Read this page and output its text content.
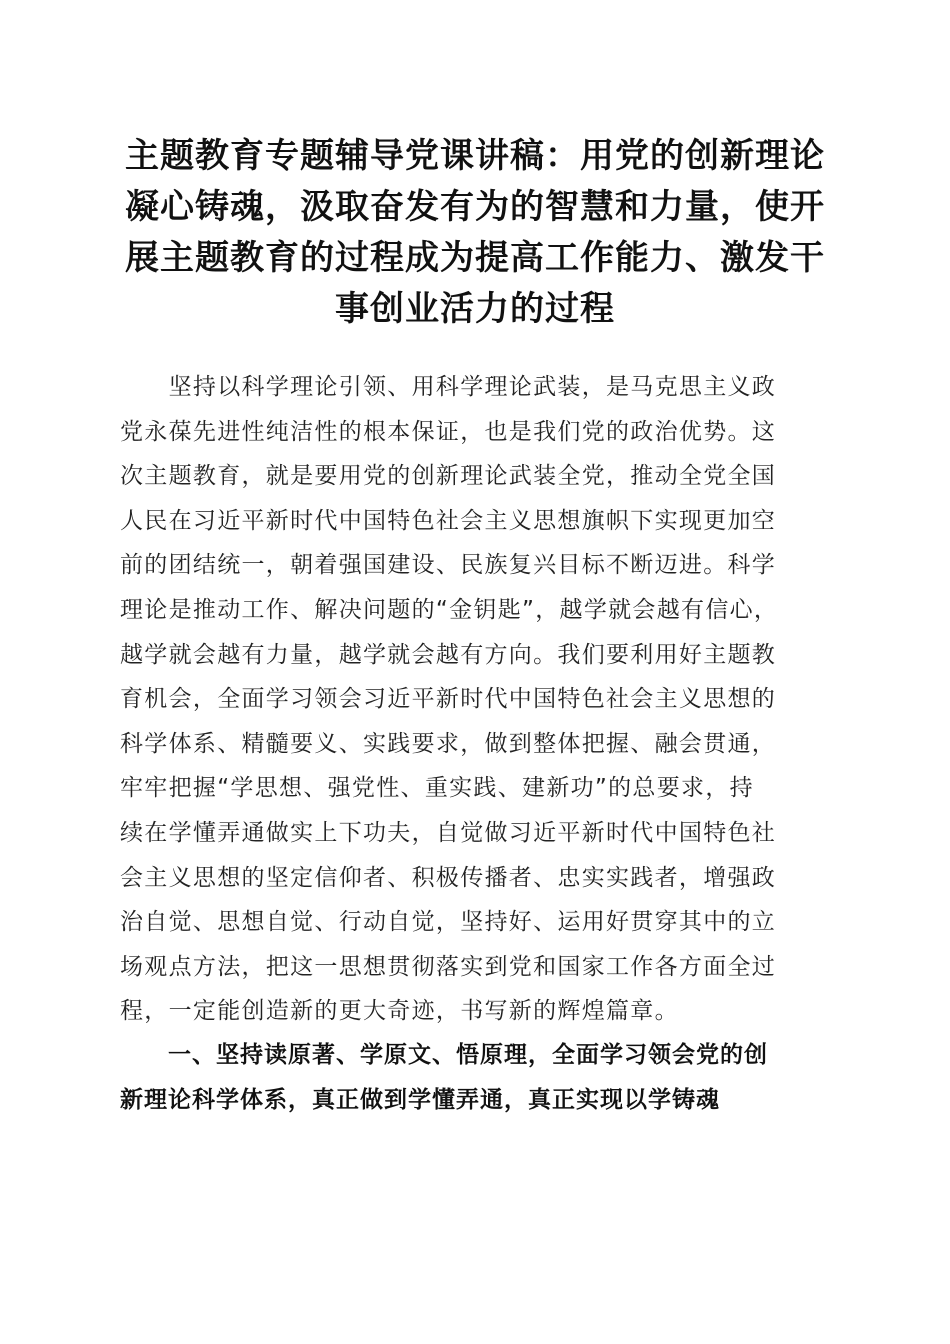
主题教育专题辅导党课讲稿：用党的创新理论
凝心铸魂，汲取奋发有为的智慧和力量，使开
展主题教育的过程成为提高工作能力、激发干
事创业活力的过程
　　坚持以科学理论引领、用科学理论武装，是马克思主义政
党永葆先进性纯洁性的根本保证，也是我们党的政治优势。这
次主题教育，就是要用党的创新理论武装全党，推动全党全国
人民在习近平新时代中国特色社会主义思想旗帜下实现更加空
前的团结统一，朝着强国建设、民族复兴目标不断迈进。科学
理论是推动工作、解决问题的“金钥匙”，越学就会越有信心，
越学就会越有力量，越学就会越有方向。我们要利用好主题教
育机会，全面学习领会习近平新时代中国特色社会主义思想的
科学体系、精髓要义、实践要求，做到整体把握、融会贯通，
牢牢把握“学思想、强党性、重实践、建新功”的总要求，持
续在学懂弄通做实上下功夫，自觉做习近平新时代中国特色社
会主义思想的坚定信仰者、积极传播者、忠实实践者，增强政
治自觉、思想自觉、行动自觉，坚持好、运用好贯穿其中的立
场观点方法，把这一思想贯彻落实到党和国家工作各方面全过
程，一定能创造新的更大奇迹，书写新的辉煌篇章。
　　一、坚持读原著、学原文、悟原理，全面学习领会党的创
新理论科学体系，真正做到学懂弄通，真正实现以学铸魂
